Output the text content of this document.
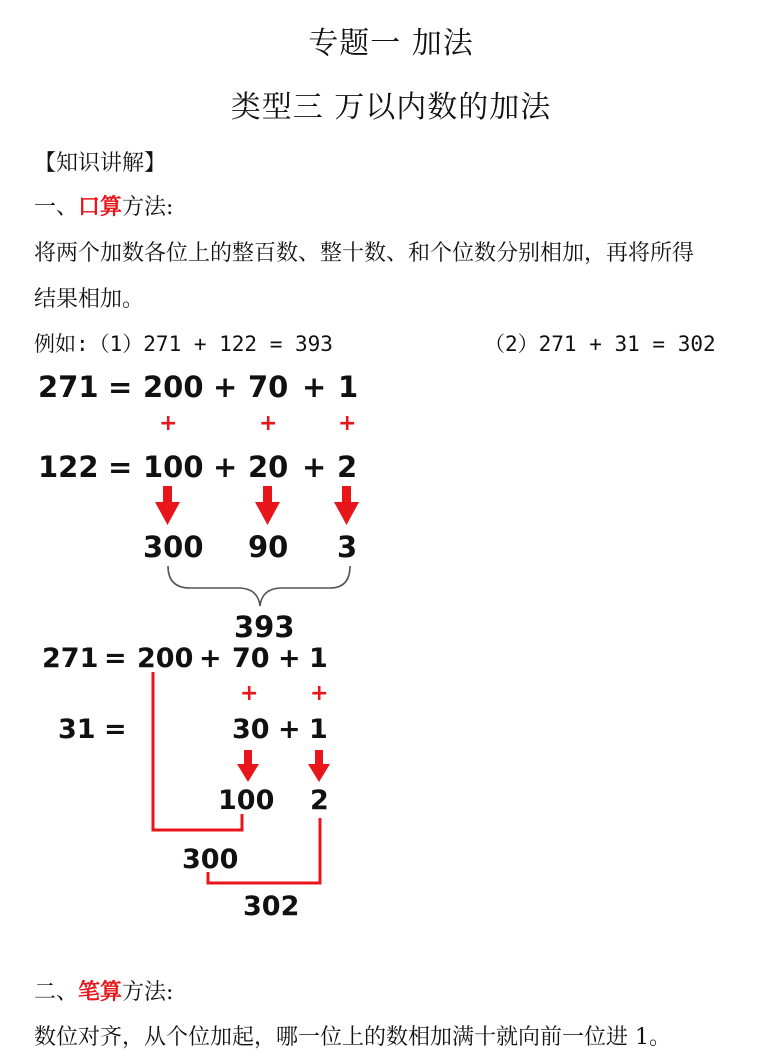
专题一 加法
类型三 万以内数的加法
【知识讲解】
一、口算方法:
将两个加数各位上的整百数、整十数、和个位数分别相加，再将所得
结果相加。
例如:（1）271 + 122 = 393	（2）271 + 31 = 302
271 = 200 + 70 + 1
+	+	+
122 = 100 + 20 + 2
300 90 3
393
271 = 200 + 70 + 1
+ +
31 =	30 + 1
100 2
300
302
二、笔算方法:
数位对齐，从个位加起，哪一位上的数相加满十就向前一位进 1。
